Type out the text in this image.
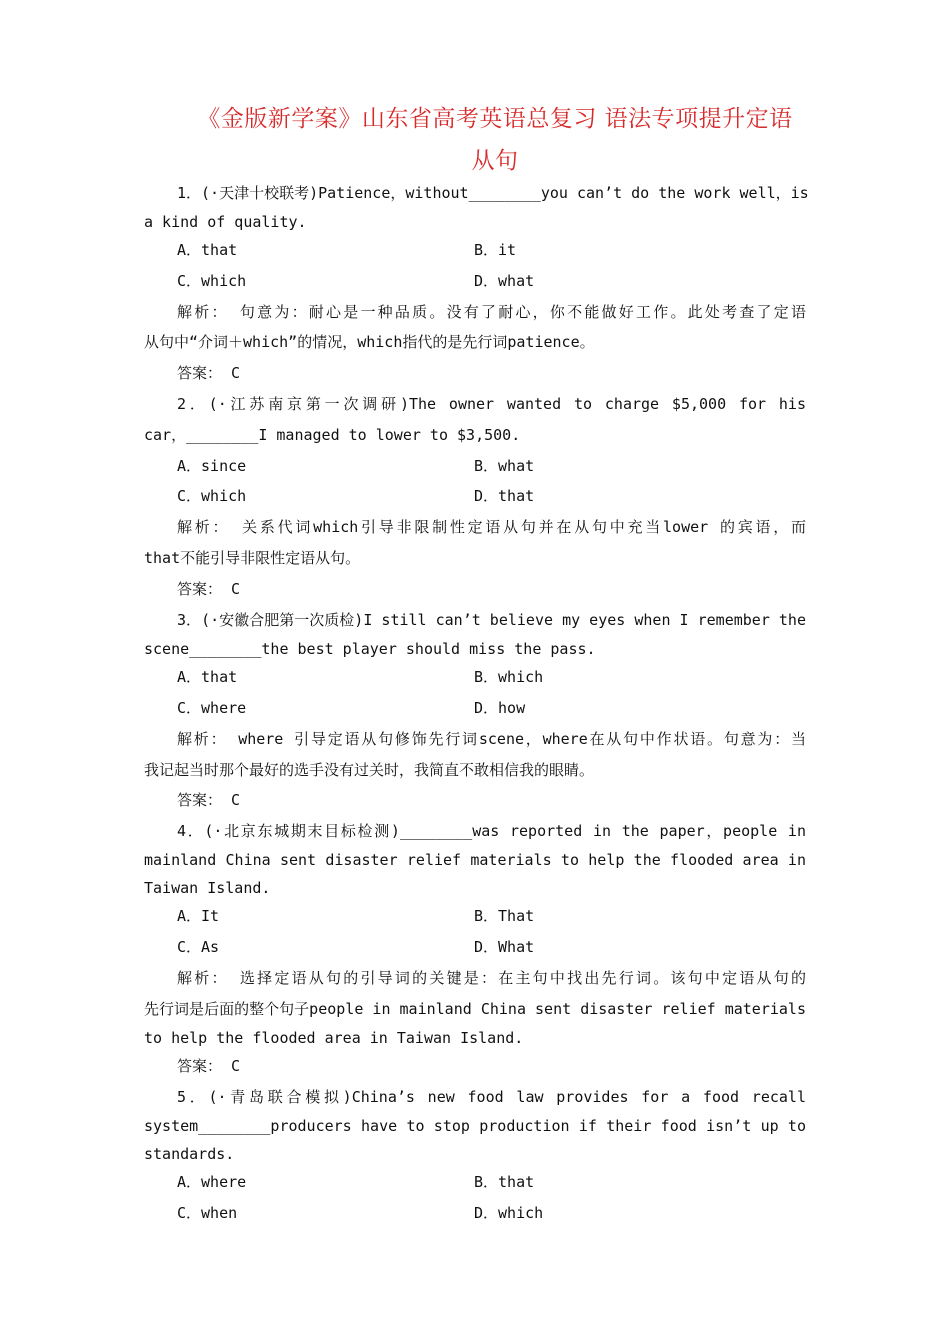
《金版新学案》山东省高考英语总复习 语法专项提升定语
从句
1．(·天津十校联考)Patience，without________you can’t do the work well，is
a kind of quality.
A．that	B．it
C．which	D．what
解析： 句意为：耐心是一种品质。没有了耐心，你不能做好工作。此处考查了定语
从句中“介词＋which”的情况，which指代的是先行词patience。
答案： C
2．(·江苏南京第一次调研)The owner wanted to charge $5,000 for his
car，________I managed to lower to $3,500.
A．since	B．what
C．which	D．that
解析： 关系代词which引导非限制性定语从句并在从句中充当lower 的宾语，而
that不能引导非限性定语从句。
答案： C
3．(·安徽合肥第一次质检)I still can’t believe my eyes when I remember the
scene________the best player should miss the pass.
A．that	B．which
C．where	D．how
解析： where 引导定语从句修饰先行词scene，where在从句中作状语。句意为：当
我记起当时那个最好的选手没有过关时，我简直不敢相信我的眼睛。
答案： C
4．(·北京东城期末目标检测)________was reported in the paper，people in
mainland China sent disaster relief materials to help the flooded area in
Taiwan Island.
A．It	B．That
C．As	D．What
解析： 选择定语从句的引导词的关键是：在主句中找出先行词。该句中定语从句的
先行词是后面的整个句子people in mainland China sent disaster relief materials
to help the flooded area in Taiwan Island.
答案： C
5．(·青岛联合模拟)China’s new food law provides for a food recall
system________producers have to stop production if their food isn’t up to
standards.
A．where	B．that
C．when	D．which
